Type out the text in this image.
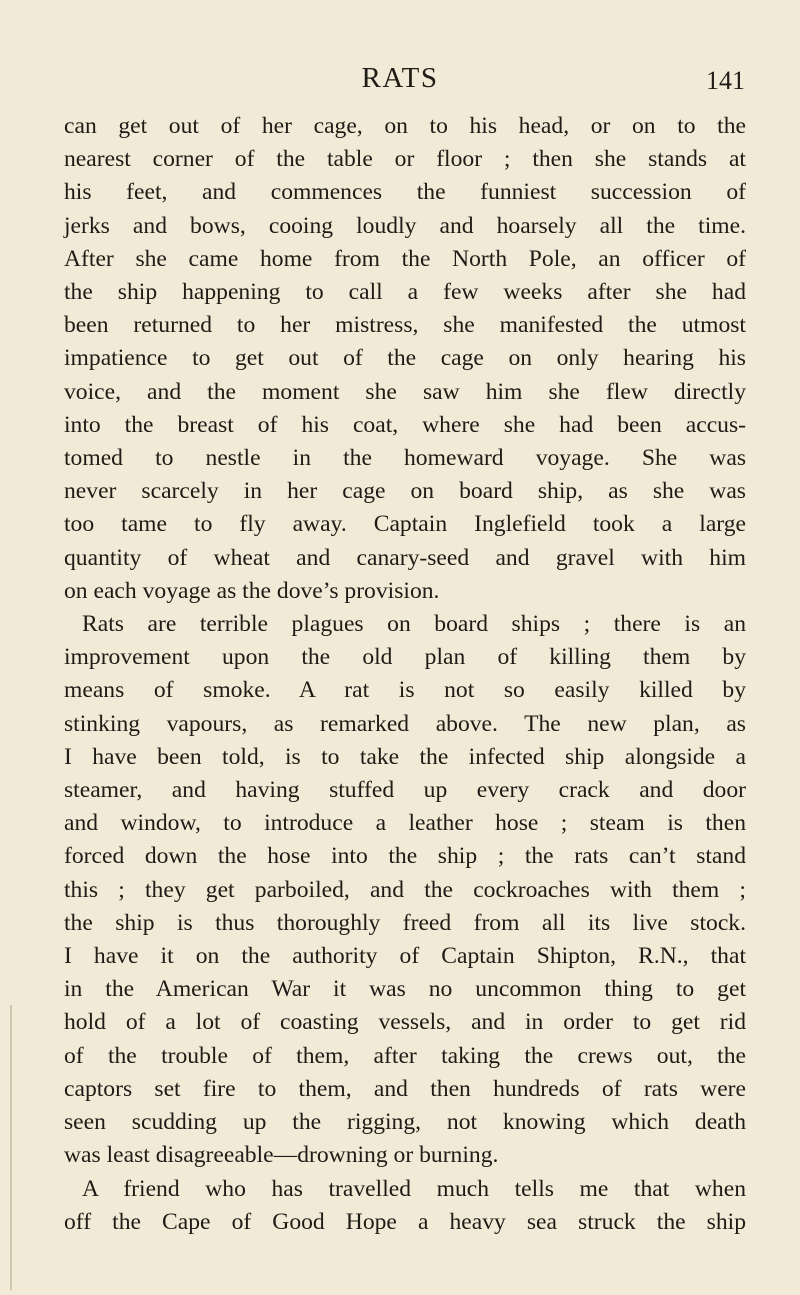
RATS	141
can get out of her cage, on to his head, or on to the
nearest corner of the table or floor ; then she stands at
his feet, and commences the funniest succession of
jerks and bows, cooing loudly and hoarsely all the time.
After she came home from the North Pole, an officer of
the ship happening to call a few weeks after she had
been returned to her mistress, she manifested the utmost
impatience to get out of the cage on only hearing his
voice, and the moment she saw him she flew directly
into the breast of his coat, where she had been accus-
tomed to nestle in the homeward voyage. She was
never scarcely in her cage on board ship, as she was
too tame to fly away. Captain Inglefield took a large
quantity of wheat and canary-seed and gravel with him
on each voyage as the dove’s provision.
Rats are terrible plagues on board ships ; there is an
improvement upon the old plan of killing them by
means of smoke. A rat is not so easily killed by
stinking vapours, as remarked above. The new plan, as
I have been told, is to take the infected ship alongside a
steamer, and having stuffed up every crack and door
and window, to introduce a leather hose ; steam is then
forced down the hose into the ship ; the rats can’t stand
this ; they get parboiled, and the cockroaches with them ;
the ship is thus thoroughly freed from all its live stock.
I have it on the authority of Captain Shipton, R.N., that
in the American War it was no uncommon thing to get
hold of a lot of coasting vessels, and in order to get rid
of the trouble of them, after taking the crews out, the
captors set fire to them, and then hundreds of rats were
seen scudding up the rigging, not knowing which death
was least disagreeable—drowning or burning.
A friend who has travelled much tells me that when
off the Cape of Good Hope a heavy sea struck the ship
